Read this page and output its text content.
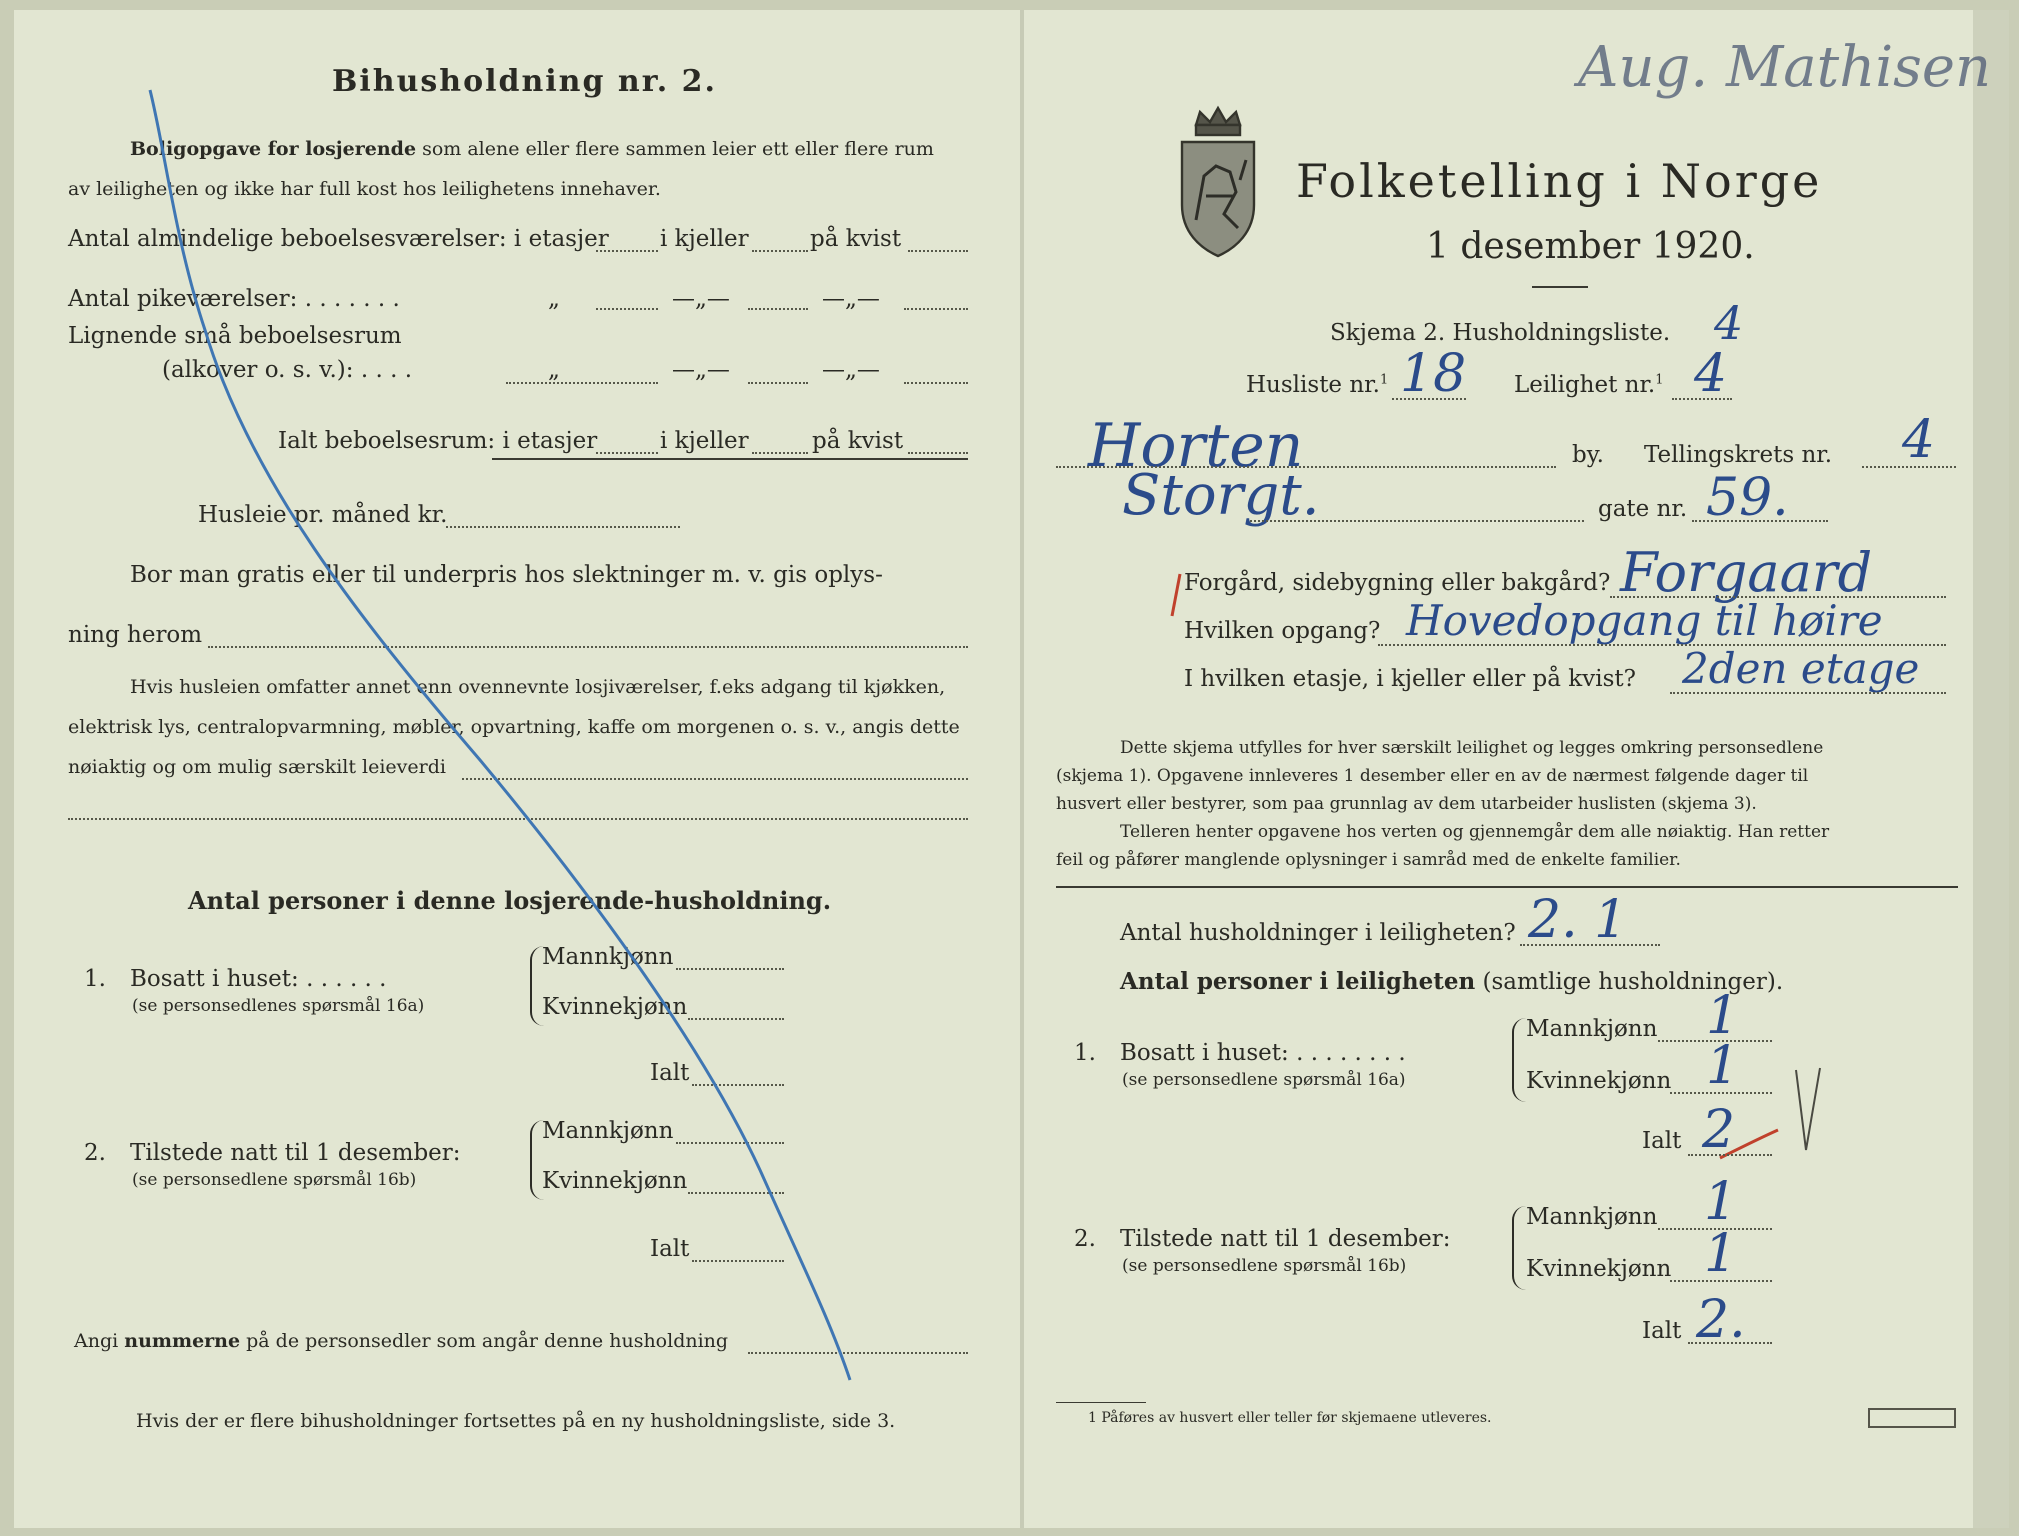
Bihusholdning nr. 2.
Boligopgave for losjerende som alene eller flere sammen leier ett eller flere rum
av leiligheten og ikke har full kost hos leilighetens innehaver.
Antal almindelige beboelsesværelser: i etasjer i kjeller	på kvist
Antal pikeværelser: . . . . . . .	„	—„—	—„—
Lignende små beboelsesrum
(alkover o. s. v.): . . . .	„	—„—	—„—
Ialt beboelsesrum: i etasjer	i kjeller	på kvist
Husleie pr. måned kr.
Bor man gratis eller til underpris hos slektninger m. v. gis oplys-
ning herom
Hvis husleien omfatter annet enn ovennevnte losjiværelser, f.eks adgang til kjøkken,
elektrisk lys, centralopvarmning, møbler, opvartning, kaffe om morgenen o. s. v., angis dette
nøiaktig og om mulig særskilt leieverdi
Antal personer i denne losjerende-husholdning.
1. Bosatt i huset: . . . . . .
(se personsedlenes spørsmål 16a)
Mannkjønn
Kvinnekjønn
Ialt
2. Tilstede natt til 1 desember:
(se personsedlene spørsmål 16b)
Mannkjønn
Kvinnekjønn
Ialt
Angi nummerne på de personsedler som angår denne husholdning
Hvis der er flere bihusholdninger fortsettes på en ny husholdningsliste, side 3.
Aug. Mathisen
Folketelling i Norge
1 desember 1920.
Skjema 2. Husholdningsliste. 4
Husliste nr.$^1$ 18 Leilighet nr.$^1$ 4
Horten	by. Tellingskrets nr. 4
Storgt.	gate nr. 59.
Forgård, sidebygning eller bakgård? Forgaard
Hvilken opgang? Hovedopgang til høire
I hvilken etasje, i kjeller eller på kvist? 2den etage
Dette skjema utfylles for hver særskilt leilighet og legges omkring personsedlene
(skjema 1). Opgavene innleveres 1 desember eller en av de nærmest følgende dager til
husvert eller bestyrer, som paa grunnlag av dem utarbeider huslisten (skjema 3).
Telleren henter opgavene hos verten og gjennemgår dem alle nøiaktig. Han retter
feil og påfører manglende oplysninger i samråd med de enkelte familier.
Antal husholdninger i leiligheten? 2. 1
Antal personer i leiligheten (samtlige husholdninger).
1. Bosatt i huset: . . . . . . . .
(se personsedlene spørsmål 16a)
Mannkjønn 1
Kvinnekjønn 1
Ialt 2
2. Tilstede natt til 1 desember:
(se personsedlene spørsmål 16b)
Mannkjønn 1
Kvinnekjønn 1
Ialt 2.
1 Påføres av husvert eller teller før skjemaene utleveres.
